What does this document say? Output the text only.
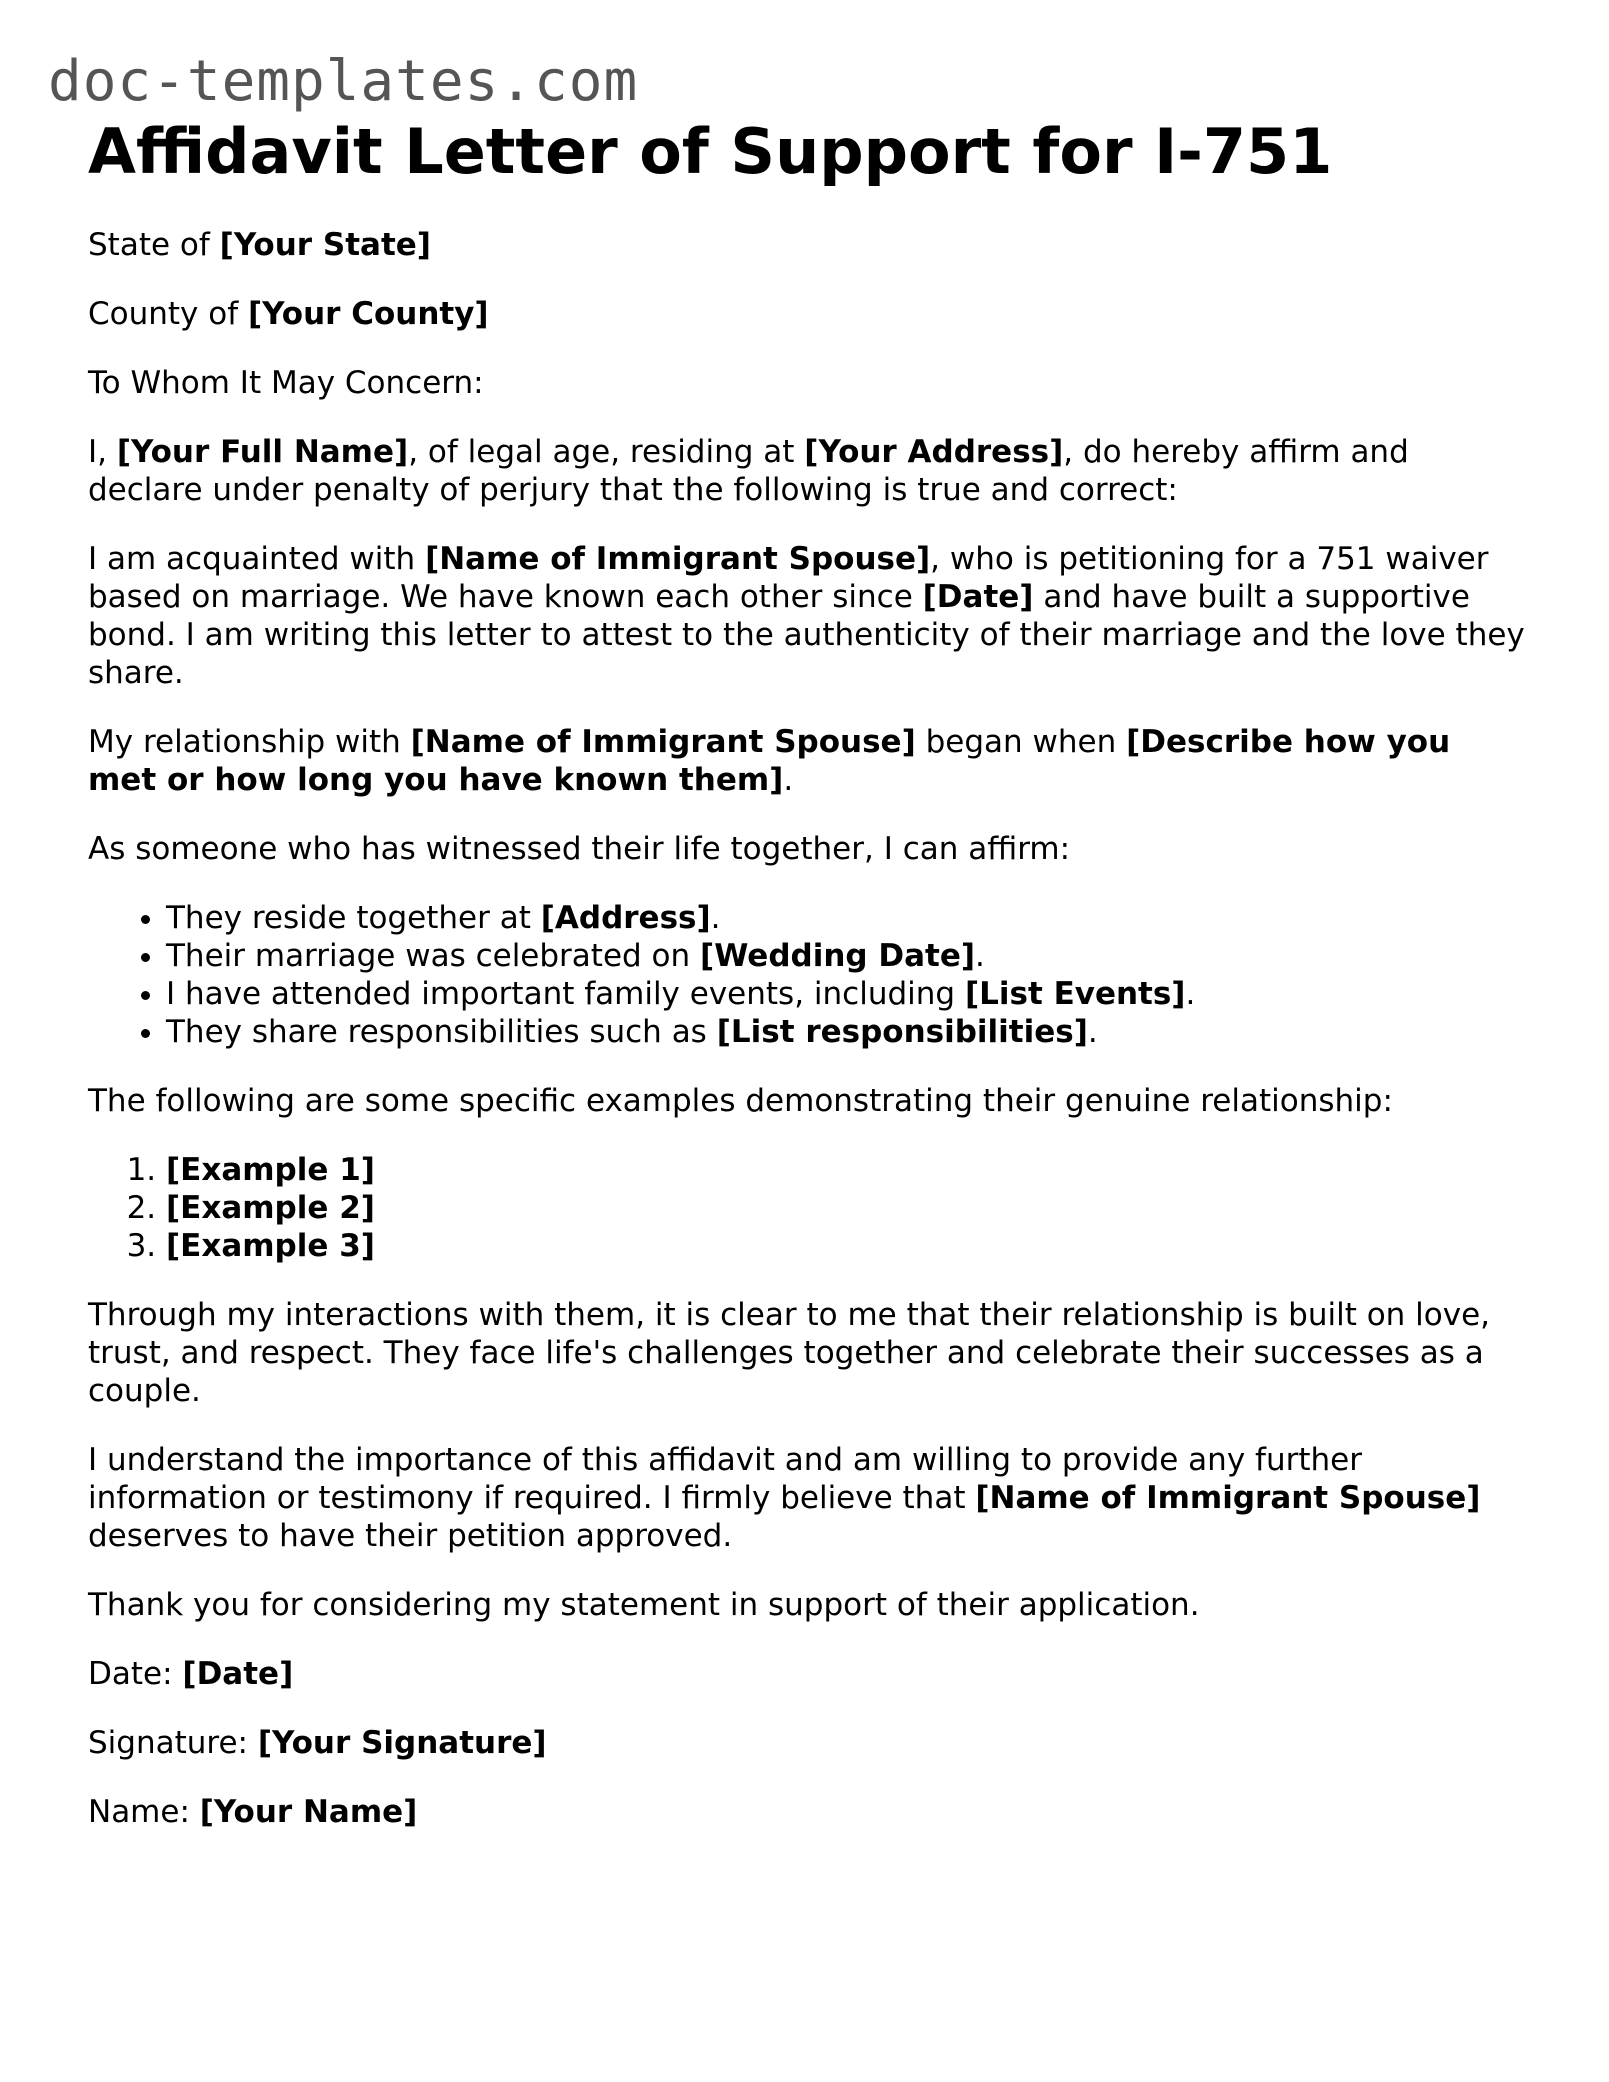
doc-templates.com
Affidavit Letter of Support for I-751

State of [Your State]

County of [Your County]

To Whom It May Concern:

I, [Your Full Name], of legal age, residing at [Your Address], do hereby affirm and declare under penalty of perjury that the following is true and correct:

I am acquainted with [Name of Immigrant Spouse], who is petitioning for a 751 waiver based on marriage. We have known each other since [Date] and have built a supportive bond. I am writing this letter to attest to the authenticity of their marriage and the love they share.

My relationship with [Name of Immigrant Spouse] began when [Describe how you met or how long you have known them].

As someone who has witnessed their life together, I can affirm:

• They reside together at [Address].
• Their marriage was celebrated on [Wedding Date].
• I have attended important family events, including [List Events].
• They share responsibilities such as [List responsibilities].

The following are some specific examples demonstrating their genuine relationship:

1. [Example 1]
2. [Example 2]
3. [Example 3]

Through my interactions with them, it is clear to me that their relationship is built on love, trust, and respect. They face life's challenges together and celebrate their successes as a couple.

I understand the importance of this affidavit and am willing to provide any further information or testimony if required. I firmly believe that [Name of Immigrant Spouse] deserves to have their petition approved.

Thank you for considering my statement in support of their application.

Date: [Date]

Signature: [Your Signature]

Name: [Your Name]
